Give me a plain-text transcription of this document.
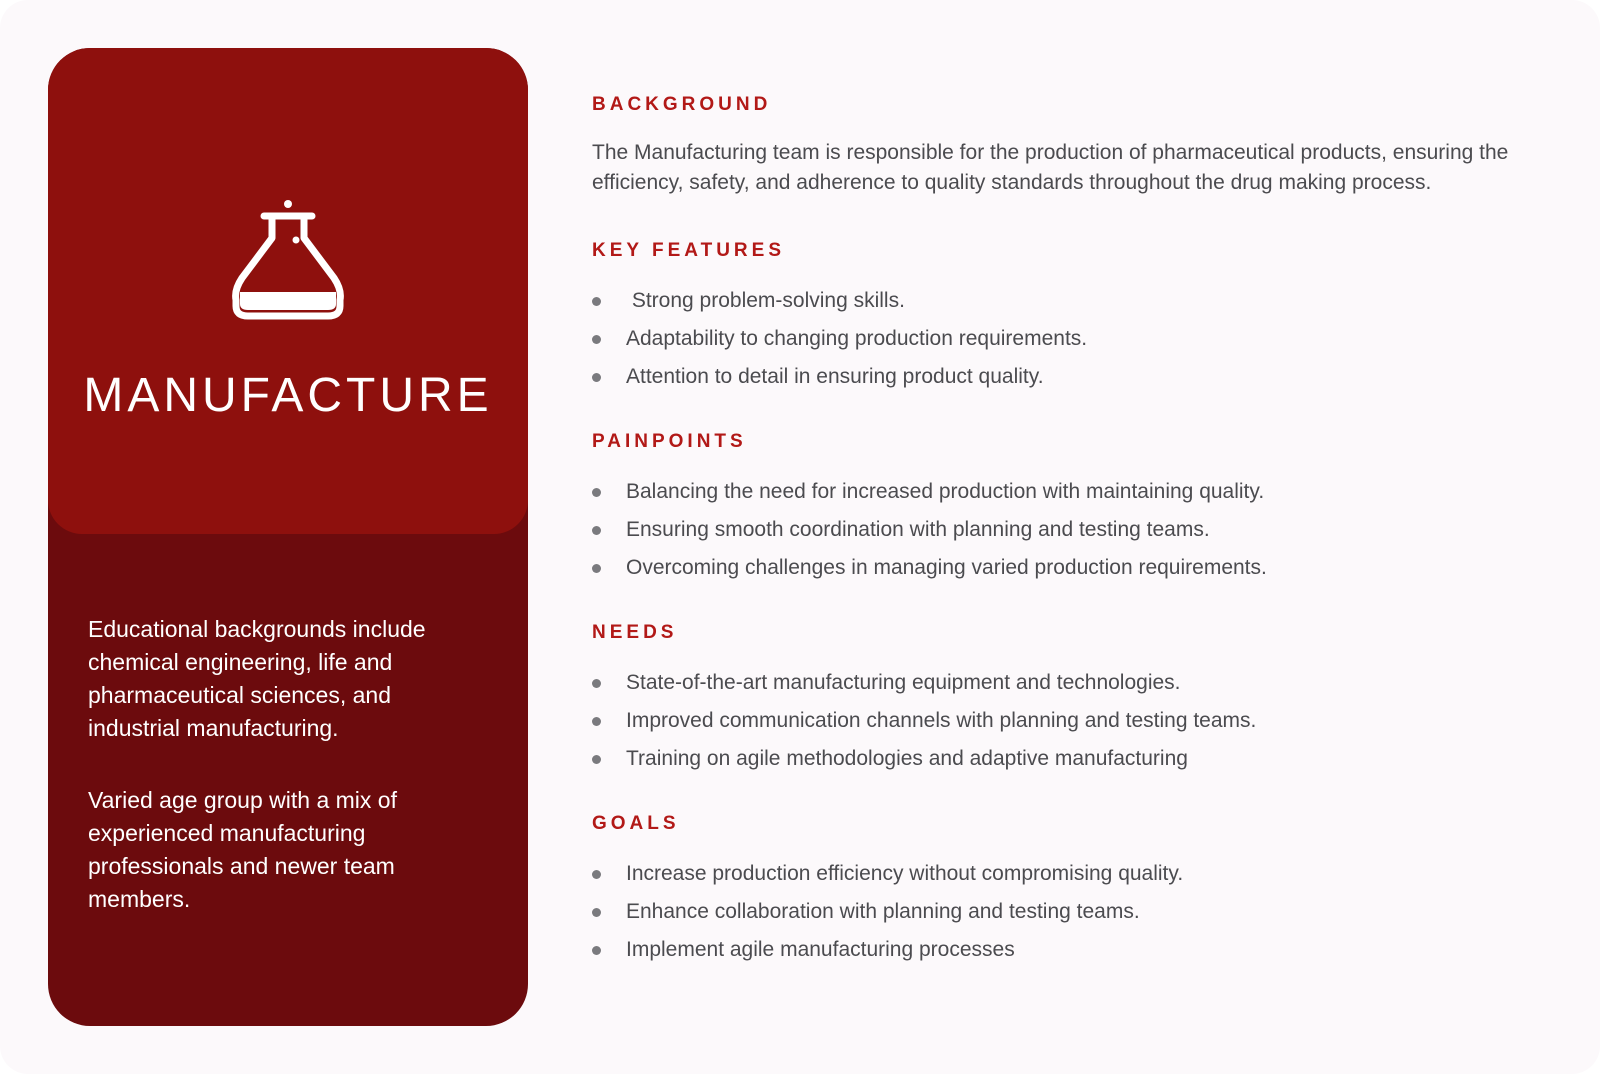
MANUFACTURE

Educational backgrounds include chemical engineering, life and pharmaceutical sciences, and industrial manufacturing.

Varied age group with a mix of experienced manufacturing professionals and newer team members.

BACKGROUND

The Manufacturing team is responsible for the production of pharmaceutical products, ensuring the efficiency, safety, and adherence to quality standards throughout the drug making process.

KEY FEATURES
Strong problem-solving skills.
Adaptability to changing production requirements.
Attention to detail in ensuring product quality.
PAINPOINTS
Balancing the need for increased production with maintaining quality.
Ensuring smooth coordination with planning and testing teams.
Overcoming challenges in managing varied production requirements.
NEEDS
State-of-the-art manufacturing equipment and technologies.
Improved communication channels with planning and testing teams.
Training on agile methodologies and adaptive manufacturing
GOALS
Increase production efficiency without compromising quality.
Enhance collaboration with planning and testing teams.
Implement agile manufacturing processes
